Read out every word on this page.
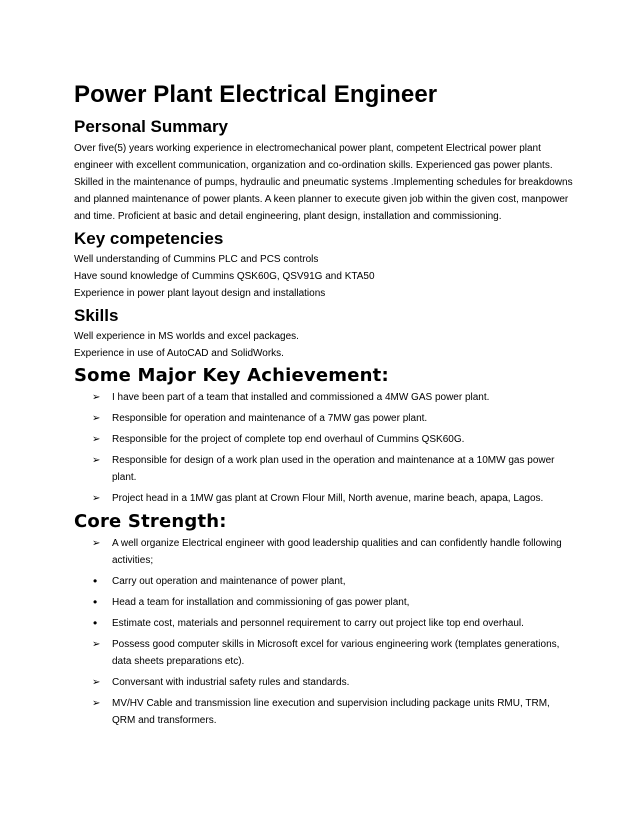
Power Plant Electrical Engineer
Personal Summary

Over five(5) years working experience in electromechanical power plant, competent Electrical power plant engineer with excellent communication, organization and co-ordination skills. Experienced gas power plants. Skilled in the maintenance of pumps, hydraulic and pneumatic systems .Implementing schedules for breakdowns and planned maintenance of power plants. A keen planner to execute given job within the given cost, manpower and time. Proficient at basic and detail engineering, plant design, installation and commissioning.

Key competencies

Well understanding of Cummins PLC and PCS controls

Have sound knowledge of Cummins QSK60G, QSV91G and KTA50

Experience in power plant layout design and installations

Skills

Well experience in MS worlds and excel packages.

Experience in use of AutoCAD and SolidWorks.

Some Major Key Achievement:
➢ I have been part of a team that installed and commissioned a 4MW GAS power plant.
➢ Responsible for operation and maintenance of a 7MW gas power plant.
➢ Responsible for the project of complete top end overhaul of Cummins QSK60G.
➢ Responsible for design of a work plan used in the operation and maintenance at a 10MW gas power plant.
➢ Project head in a 1MW gas plant at Crown Flour Mill, North avenue, marine beach, apapa, Lagos.
Core Strength:
➢ A well organize Electrical engineer with good leadership qualities and can confidently handle following activities;
• Carry out operation and maintenance of power plant,
• Head a team for installation and commissioning of gas power plant,
• Estimate cost, materials and personnel requirement to carry out project like top end overhaul.
➢ Possess good computer skills in Microsoft excel for various engineering work (templates generations, data sheets preparations etc).
➢ Conversant with industrial safety rules and standards.
➢ MV/HV Cable and transmission line execution and supervision including package units RMU, TRM, QRM and transformers.
